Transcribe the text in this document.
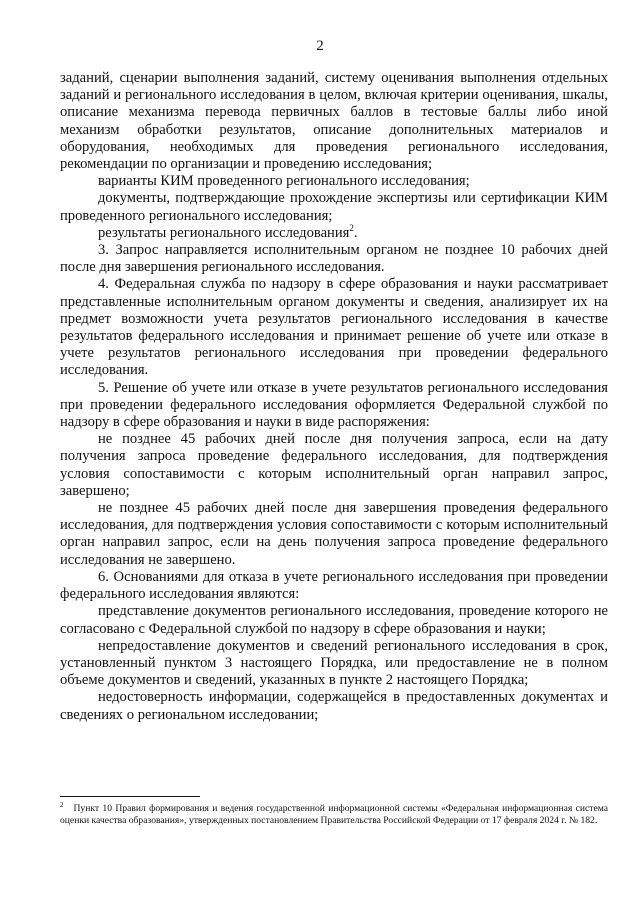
2

заданий, сценарии выполнения заданий, систему оценивания выполнения отдельных заданий и регионального исследования в целом, включая критерии оценивания, шкалы, описание механизма перевода первичных баллов в тестовые баллы либо иной механизм обработки результатов, описание дополнительных материалов и оборудования, необходимых для проведения регионального исследования, рекомендации по организации и проведению исследования;

варианты КИМ проведенного регионального исследования;

документы, подтверждающие прохождение экспертизы или сертификации КИМ проведенного регионального исследования;

результаты регионального исследования$^2$.

3. Запрос направляется исполнительным органом не позднее 10 рабочих дней после дня завершения регионального исследования.

4. Федеральная служба по надзору в сфере образования и науки рассматривает представленные исполнительным органом документы и сведения, анализирует их на предмет возможности учета результатов регионального исследования в качестве результатов федерального исследования и принимает решение об учете или отказе в учете результатов регионального исследования при проведении федерального исследования.

5. Решение об учете или отказе в учете результатов регионального исследования при проведении федерального исследования оформляется Федеральной службой по надзору в сфере образования и науки в виде распоряжения:

не позднее 45 рабочих дней после дня получения запроса, если на дату получения запроса проведение федерального исследования, для подтверждения условия сопоставимости с которым исполнительный орган направил запрос, завершено;

не позднее 45 рабочих дней после дня завершения проведения федерального исследования, для подтверждения условия сопоставимости с которым исполнительный орган направил запрос, если на день получения запроса проведение федерального исследования не завершено.

6. Основаниями для отказа в учете регионального исследования при проведении федерального исследования являются:

представление документов регионального исследования, проведение которого не согласовано с Федеральной службой по надзору в сфере образования и науки;

непредоставление документов и сведений регионального исследования в срок, установленный пунктом 3 настоящего Порядка, или предоставление не в полном объеме документов и сведений, указанных в пункте 2 настоящего Порядка;

недостоверность информации, содержащейся в предоставленных документах и сведениях о региональном исследовании;

$^2$ Пункт 10 Правил формирования и ведения государственной информационной системы «Федеральная информационная система оценки качества образования», утвержденных постановлением Правительства Российской Федерации от 17 февраля 2024 г. № 182.
